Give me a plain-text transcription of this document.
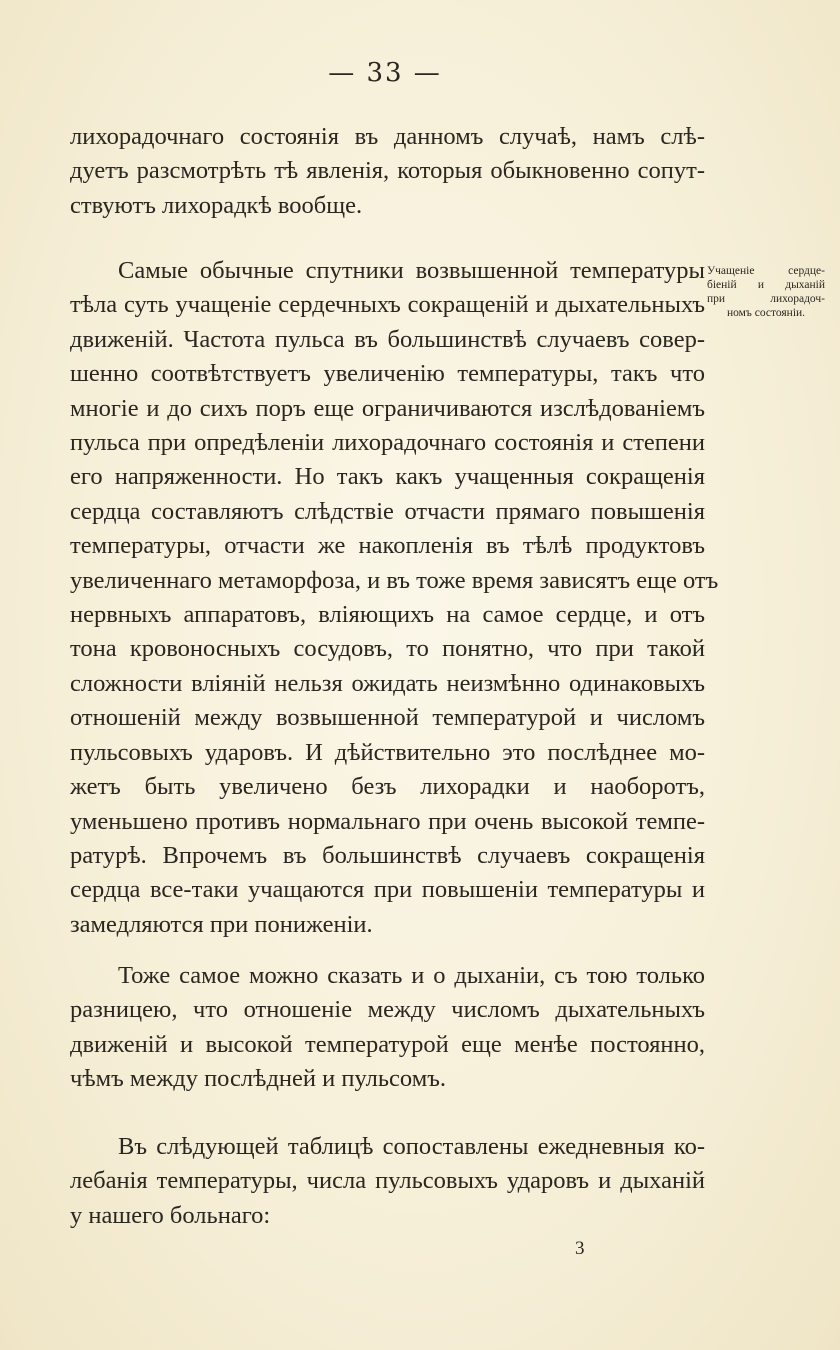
— 33 —
лихорадочнаго состоянія въ данномъ случаѣ, намъ слѣ-
дуетъ разсмотрѣть тѣ явленія, которыя обыкновенно сопут-
ствуютъ лихорадкѣ вообще.
Самые обычные спутники возвышенной температуры
тѣла суть учащеніе сердечныхъ сокращеній и дыхательныхъ
движеній. Частота пульса въ большинствѣ случаевъ совер-
шенно соотвѣтствуетъ увеличенію температуры, такъ что
многіе и до сихъ поръ еще ограничиваются изслѣдованіемъ
пульса при опредѣленіи лихорадочнаго состоянія и степени
его напряженности. Но такъ какъ учащенныя сокращенія
сердца составляютъ слѣдствіе отчасти прямаго повышенія
температуры, отчасти же накопленія въ тѣлѣ продуктовъ
увеличеннаго метаморфоза, и въ тоже время зависятъ еще отъ
нервныхъ аппаратовъ, вліяющихъ на самое сердце, и отъ
тона кровоносныхъ сосудовъ, то понятно, что при такой
сложности вліяній нельзя ожидать неизмѣнно одинаковыхъ
отношеній между возвышенной температурой и числомъ
пульсовыхъ ударовъ. И дѣйствительно это послѣднее мо-
жетъ быть увеличено безъ лихорадки и наоборотъ,
уменьшено противъ нормальнаго при очень высокой темпе-
ратурѣ. Впрочемъ въ большинствѣ случаевъ сокращенія
сердца все-таки учащаются при повышеніи температуры и
замедляются при пониженіи.
Учащеніе сердце-
біеній и дыханій
при лихорадоч-
номъ состояніи.
Тоже самое можно сказать и о дыханіи, съ тою только
разницею, что отношеніе между числомъ дыхательныхъ
движеній и высокой температурой еще менѣе постоянно,
чѣмъ между послѣдней и пульсомъ.
Въ слѣдующей таблицѣ сопоставлены ежедневныя ко-
лебанія температуры, числа пульсовыхъ ударовъ и дыханій
у нашего больнаго:
3
